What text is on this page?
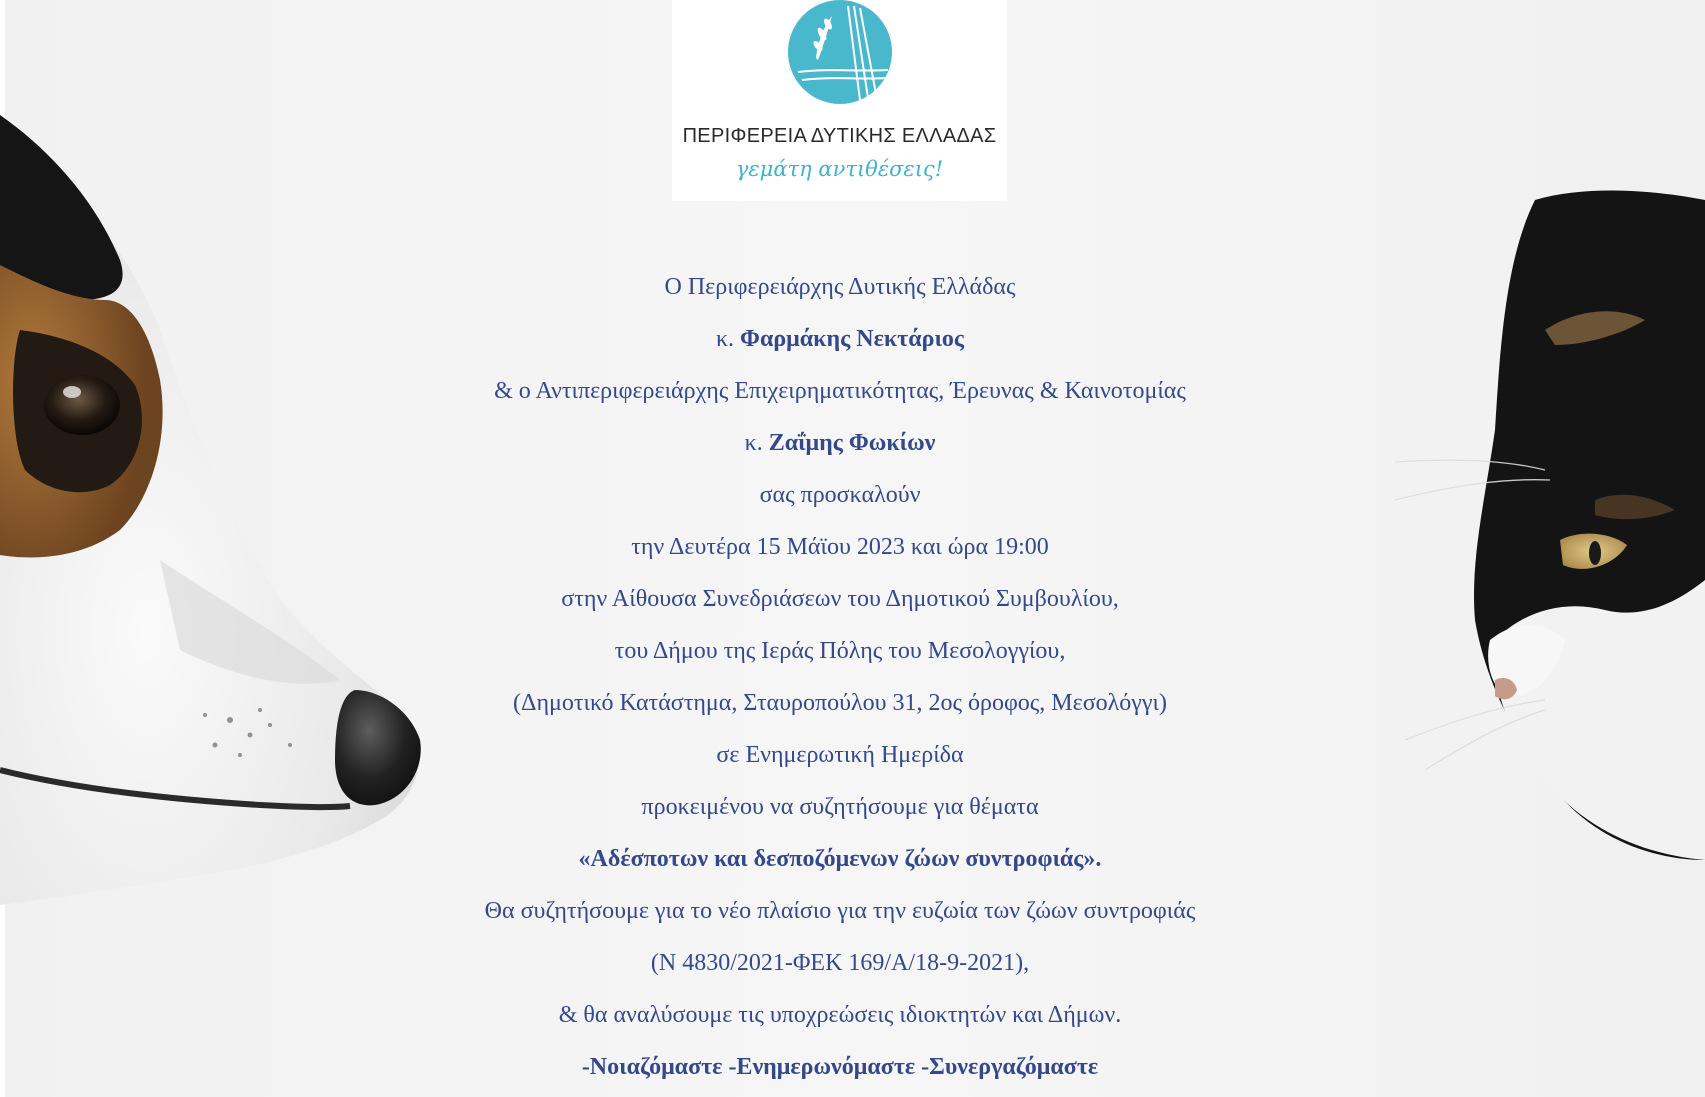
ΠΕΡΙΦΕΡΕΙΑ ΔΥΤΙΚΗΣ ΕΛΛΑΔΑΣ
γεμάτη αντιθέσεις!
Ο Περιφερειάρχης Δυτικής Ελλάδας
κ. Φαρμάκης Νεκτάριος
& ο Αντιπεριφερειάρχης Επιχειρηματικότητας, Έρευνας & Καινοτομίας
κ. Ζαΐμης Φωκίων
σας προσκαλούν
την Δευτέρα 15 Μάϊου 2023 και ώρα 19:00
στην Αίθουσα Συνεδριάσεων του Δημοτικού Συμβουλίου,
του Δήμου της Ιεράς Πόλης του Μεσολογγίου,
(Δημοτικό Κατάστημα, Σταυροπούλου 31, 2ος όροφος, Μεσολόγγι)
σε Ενημερωτική Ημερίδα
προκειμένου να συζητήσουμε για θέματα
«Αδέσποτων και δεσποζόμενων ζώων συντροφιάς».
Θα συζητήσουμε για το νέο πλαίσιο για την ευζωία των ζώων συντροφιάς
(Ν 4830/2021-ΦΕΚ 169/Α/18-9-2021),
& θα αναλύσουμε τις υποχρεώσεις ιδιοκτητών και Δήμων.
-Νοιαζόμαστε -Ενημερωνόμαστε -Συνεργαζόμαστε
